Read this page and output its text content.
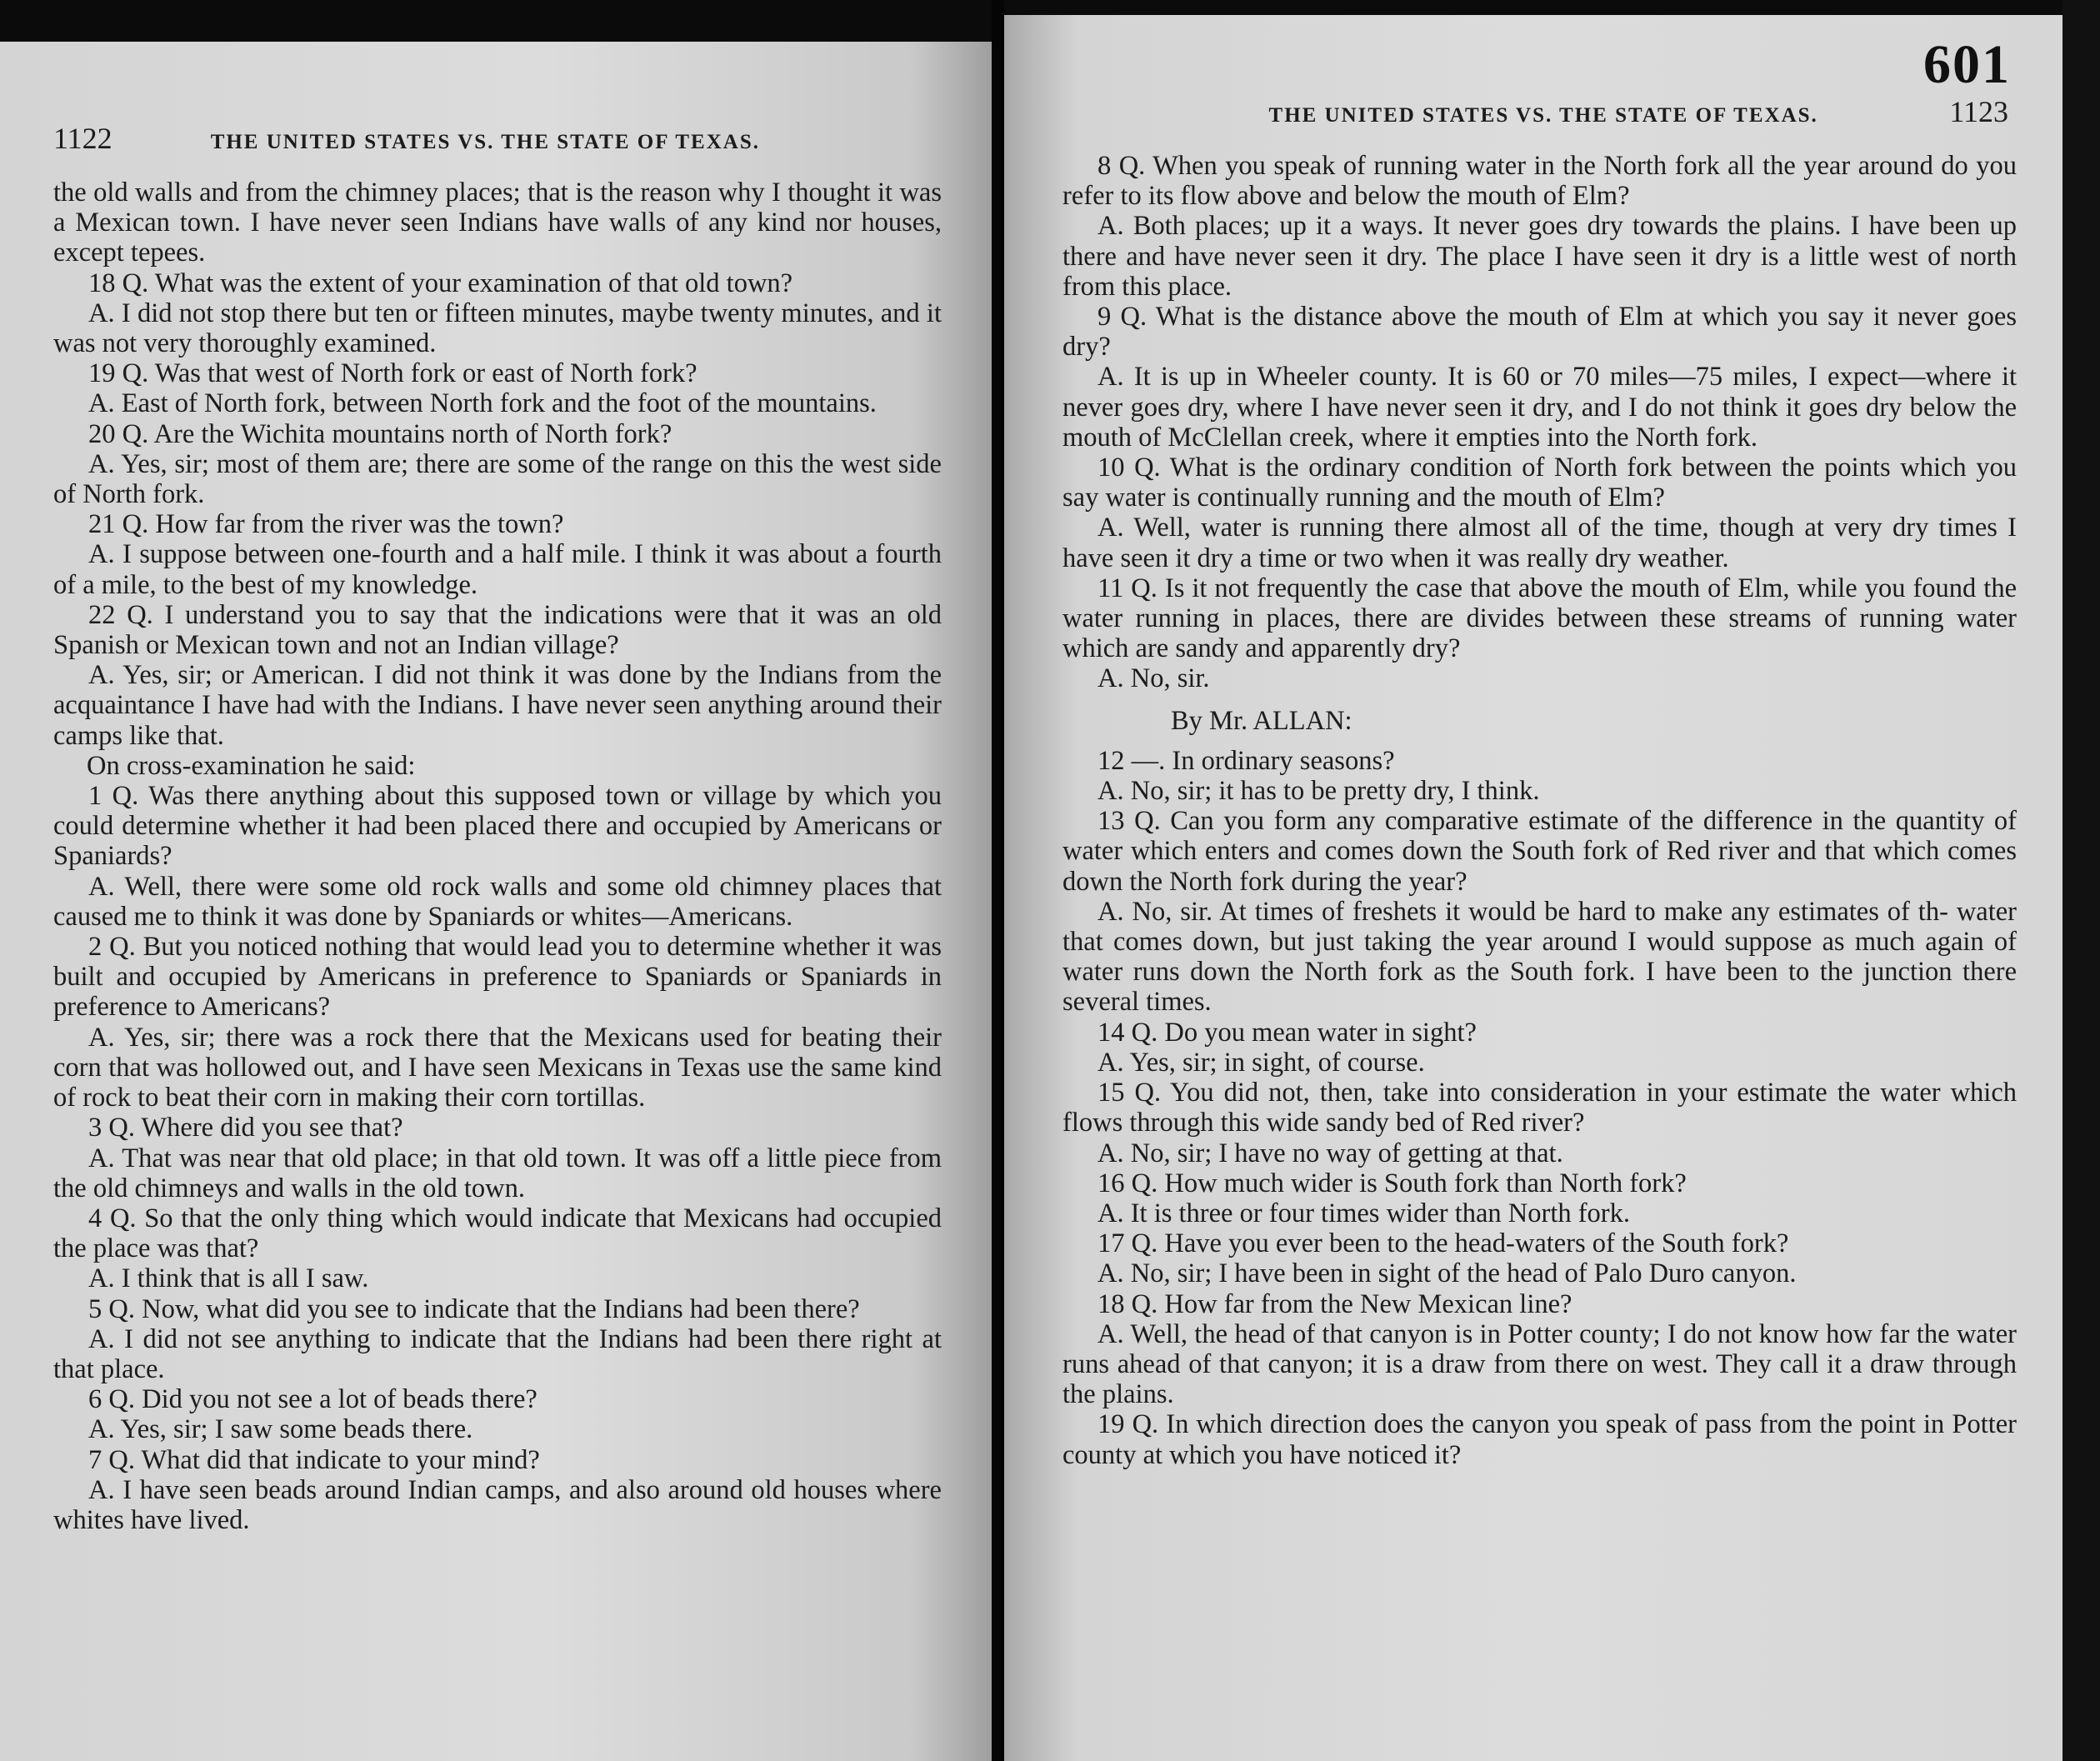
1122	THE UNITED STATES VS. THE STATE OF TEXAS.

the old walls and from the chimney places; that is the reason why I thought it was a Mexican town. I have never seen Indians have walls of any kind nor houses, except tepees.

18 Q. What was the extent of your examination of that old town?

A. I did not stop there but ten or fifteen minutes, maybe twenty minutes, and it was not very thoroughly examined.

19 Q. Was that west of North fork or east of North fork?

A. East of North fork, between North fork and the foot of the mountains.

20 Q. Are the Wichita mountains north of North fork?

A. Yes, sir; most of them are; there are some of the range on this the west side of North fork.

21 Q. How far from the river was the town?

A. I suppose between one-fourth and a half mile. I think it was about a fourth of a mile, to the best of my knowledge.

22 Q. I understand you to say that the indications were that it was an old Spanish or Mexican town and not an Indian village?

A. Yes, sir; or American. I did not think it was done by the Indians from the acquaintance I have had with the Indians. I have never seen anything around their camps like that.

On cross-examination he said:

1 Q. Was there anything about this supposed town or village by which you could determine whether it had been placed there and occupied by Americans or Spaniards?

A. Well, there were some old rock walls and some old chimney places that caused me to think it was done by Spaniards or whites—Americans.

2 Q. But you noticed nothing that would lead you to determine whether it was built and occupied by Americans in preference to Spaniards or Spaniards in preference to Americans?

A. Yes, sir; there was a rock there that the Mexicans used for beating their corn that was hollowed out, and I have seen Mexicans in Texas use the same kind of rock to beat their corn in making their corn tortillas.

3 Q. Where did you see that?

A. That was near that old place; in that old town. It was off a little piece from the old chimneys and walls in the old town.

4 Q. So that the only thing which would indicate that Mexicans had occupied the place was that?

A. I think that is all I saw.

5 Q. Now, what did you see to indicate that the Indians had been there?

A. I did not see anything to indicate that the Indians had been there right at that place.

6 Q. Did you not see a lot of beads there?

A. Yes, sir; I saw some beads there.

7 Q. What did that indicate to your mind?

A. I have seen beads around Indian camps, and also around old houses where whites have lived.

601
THE UNITED STATES VS. THE STATE OF TEXAS.	1123

8 Q. When you speak of running water in the North fork all the year around do you refer to its flow above and below the mouth of Elm?

A. Both places; up it a ways. It never goes dry towards the plains. I have been up there and have never seen it dry. The place I have seen it dry is a little west of north from this place.

9 Q. What is the distance above the mouth of Elm at which you say it never goes dry?

A. It is up in Wheeler county. It is 60 or 70 miles—75 miles, I expect—where it never goes dry, where I have never seen it dry, and I do not think it goes dry below the mouth of McClellan creek, where it empties into the North fork.

10 Q. What is the ordinary condition of North fork between the points which you say water is continually running and the mouth of Elm?

A. Well, water is running there almost all of the time, though at very dry times I have seen it dry a time or two when it was really dry weather.

11 Q. Is it not frequently the case that above the mouth of Elm, while you found the water running in places, there are divides between these streams of running water which are sandy and apparently dry?

A. No, sir.

By Mr. ALLAN:

12 —. In ordinary seasons?

A. No, sir; it has to be pretty dry, I think.

13 Q. Can you form any comparative estimate of the difference in the quantity of water which enters and comes down the South fork of Red river and that which comes down the North fork during the year?

A. No, sir. At times of freshets it would be hard to make any estimates of th- water that comes down, but just taking the year around I would suppose as much again of water runs down the North fork as the South fork. I have been to the junction there several times.

14 Q. Do you mean water in sight?

A. Yes, sir; in sight, of course.

15 Q. You did not, then, take into consideration in your estimate the water which flows through this wide sandy bed of Red river?

A. No, sir; I have no way of getting at that.

16 Q. How much wider is South fork than North fork?

A. It is three or four times wider than North fork.

17 Q. Have you ever been to the head-waters of the South fork?

A. No, sir; I have been in sight of the head of Palo Duro canyon.

18 Q. How far from the New Mexican line?

A. Well, the head of that canyon is in Potter county; I do not know how far the water runs ahead of that canyon; it is a draw from there on west. They call it a draw through the plains.

19 Q. In which direction does the canyon you speak of pass from the point in Potter county at which you have noticed it?
